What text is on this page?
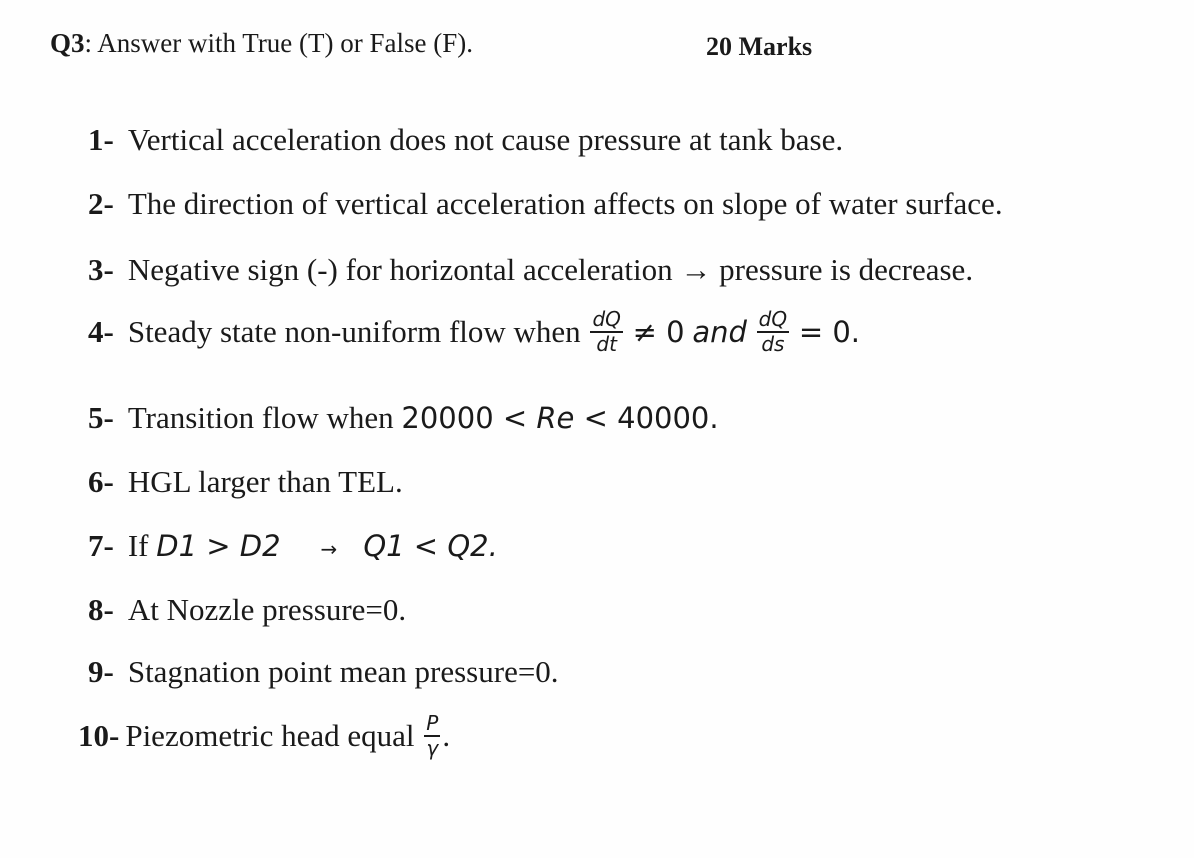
Q3: Answer with True (T) or False (F).	20 Marks
1- Vertical acceleration does not cause pressure at tank base.
2- The direction of vertical acceleration affects on slope of water surface.
3- Negative sign (-) for horizontal acceleration → pressure is decrease.
4- Steady state non-uniform flow when $\frac{dQ}{dt} \ne 0$ and $\frac{dQ}{ds} = 0$.
5- Transition flow when 20000 < Re < 40000.
6- HGL larger than TEL.
7- If D1 > D2 → Q1 < Q2.
8- At Nozzle pressure=0.
9- Stagnation point mean pressure=0.
10- Piezometric head equal $\frac{P}{\gamma}$ .
